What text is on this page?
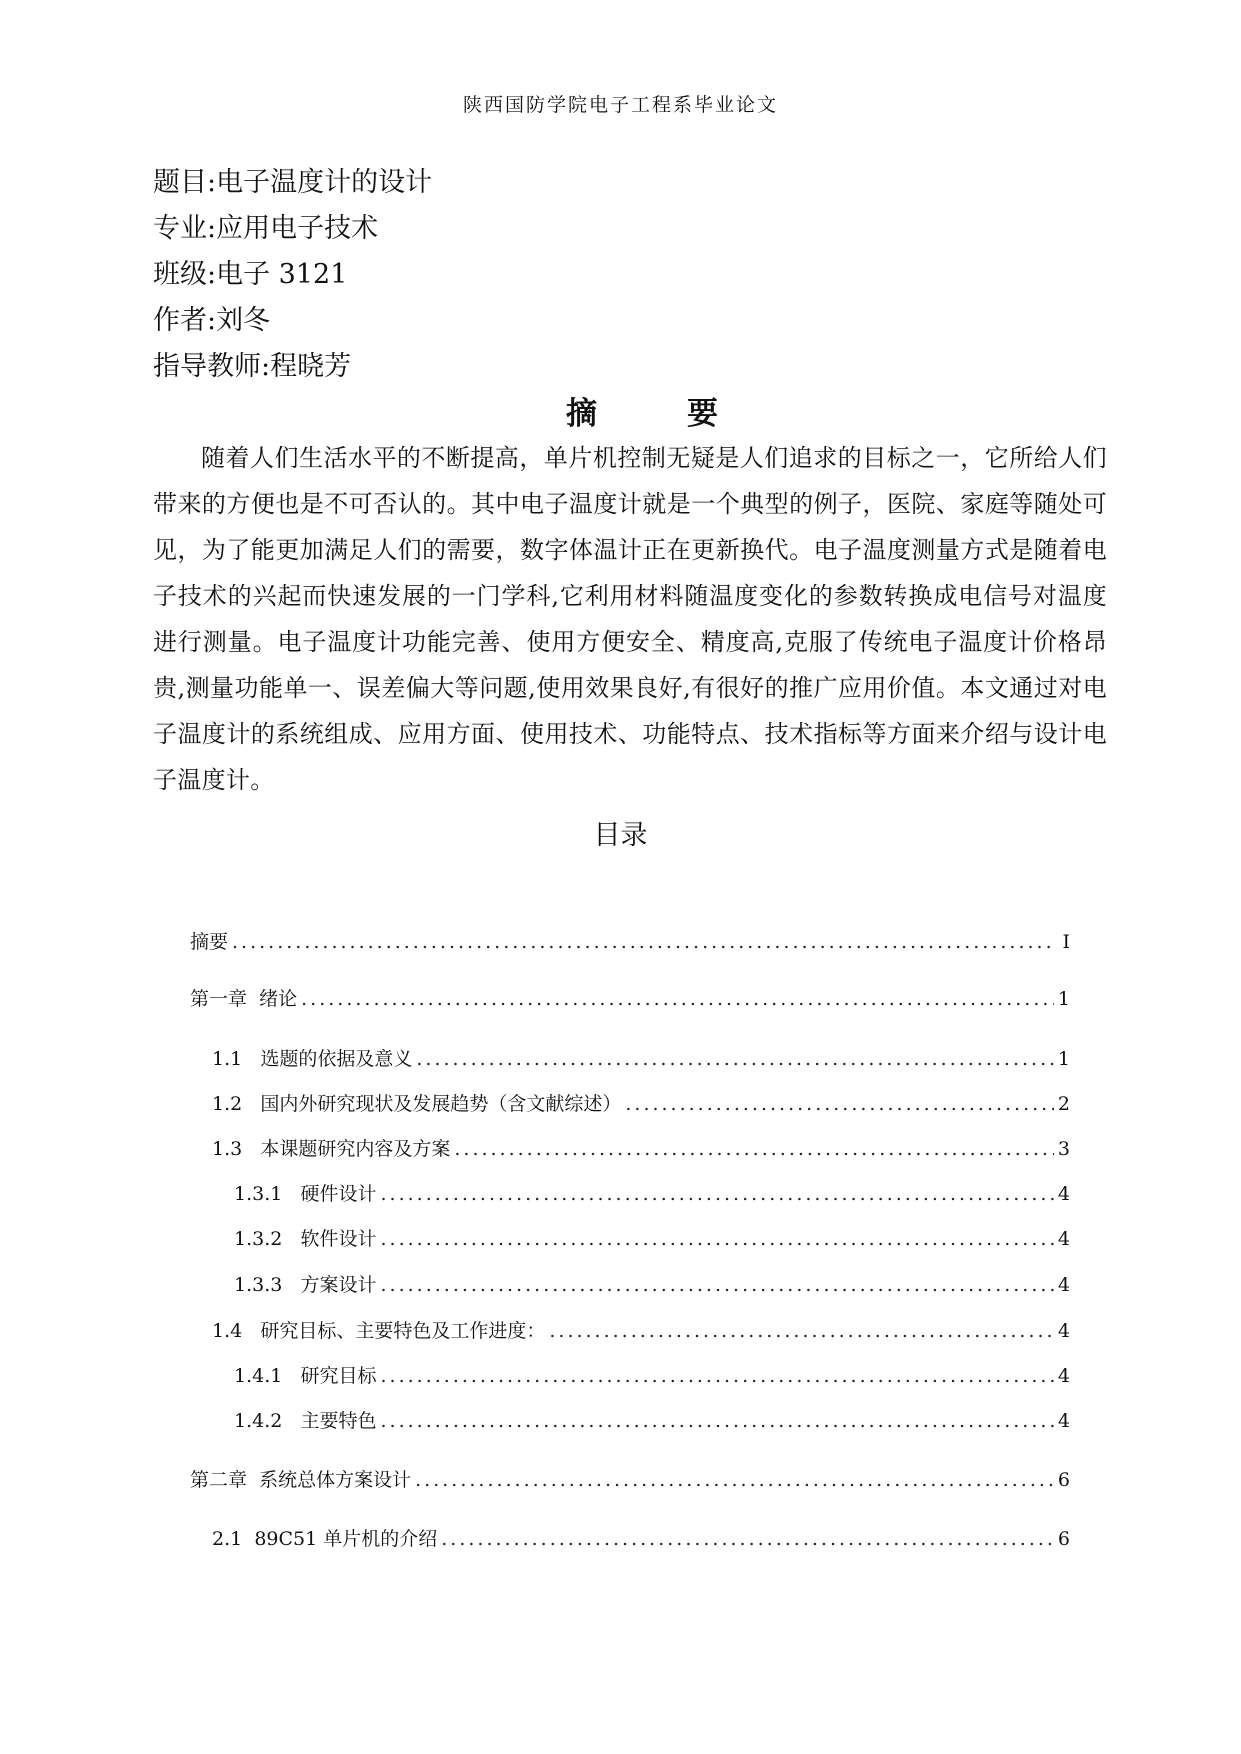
陕西国防学院电子工程系毕业论文
题目:电子温度计的设计
专业:应用电子技术
班级:电子 3121
作者:刘冬
指导教师:程晓芳
摘	要
随着人们生活水平的不断提高，单片机控制无疑是人们追求的目标之一，它所给人们带来的方便也是不可否认的。其中电子温度计就是一个典型的例子，医院、家庭等随处可见，为了能更加满足人们的需要，数字体温计正在更新换代。电子温度测量方式是随着电子技术的兴起而快速发展的一门学科,它利用材料随温度变化的参数转换成电信号对温度进行测量。电子温度计功能完善、使用方便安全、精度高,克服了传统电子温度计价格昂贵,测量功能单一、误差偏大等问题,使用效果良好,有很好的推广应用价值。本文通过对电子温度计的系统组成、应用方面、使用技术、功能特点、技术指标等方面来介绍与设计电子温度计。
目录
摘要 .....	I
第一章 绪论 .....	1
1.1 选题的依据及意义 .....	1
1.2 国内外研究现状及发展趋势（含文献综述） .....	2
1.3 本课题研究内容及方案 .....	3
1.3.1 硬件设计 .....	4
1.3.2 软件设计 .....	4
1.3.3 方案设计 .....	4
1.4 研究目标、主要特色及工作进度： .....	4
1.4.1 研究目标 .....	4
1.4.2 主要特色 .....	4
第二章 系统总体方案设计 .....	6
2.1 89C51 单片机的介绍 .....	6
